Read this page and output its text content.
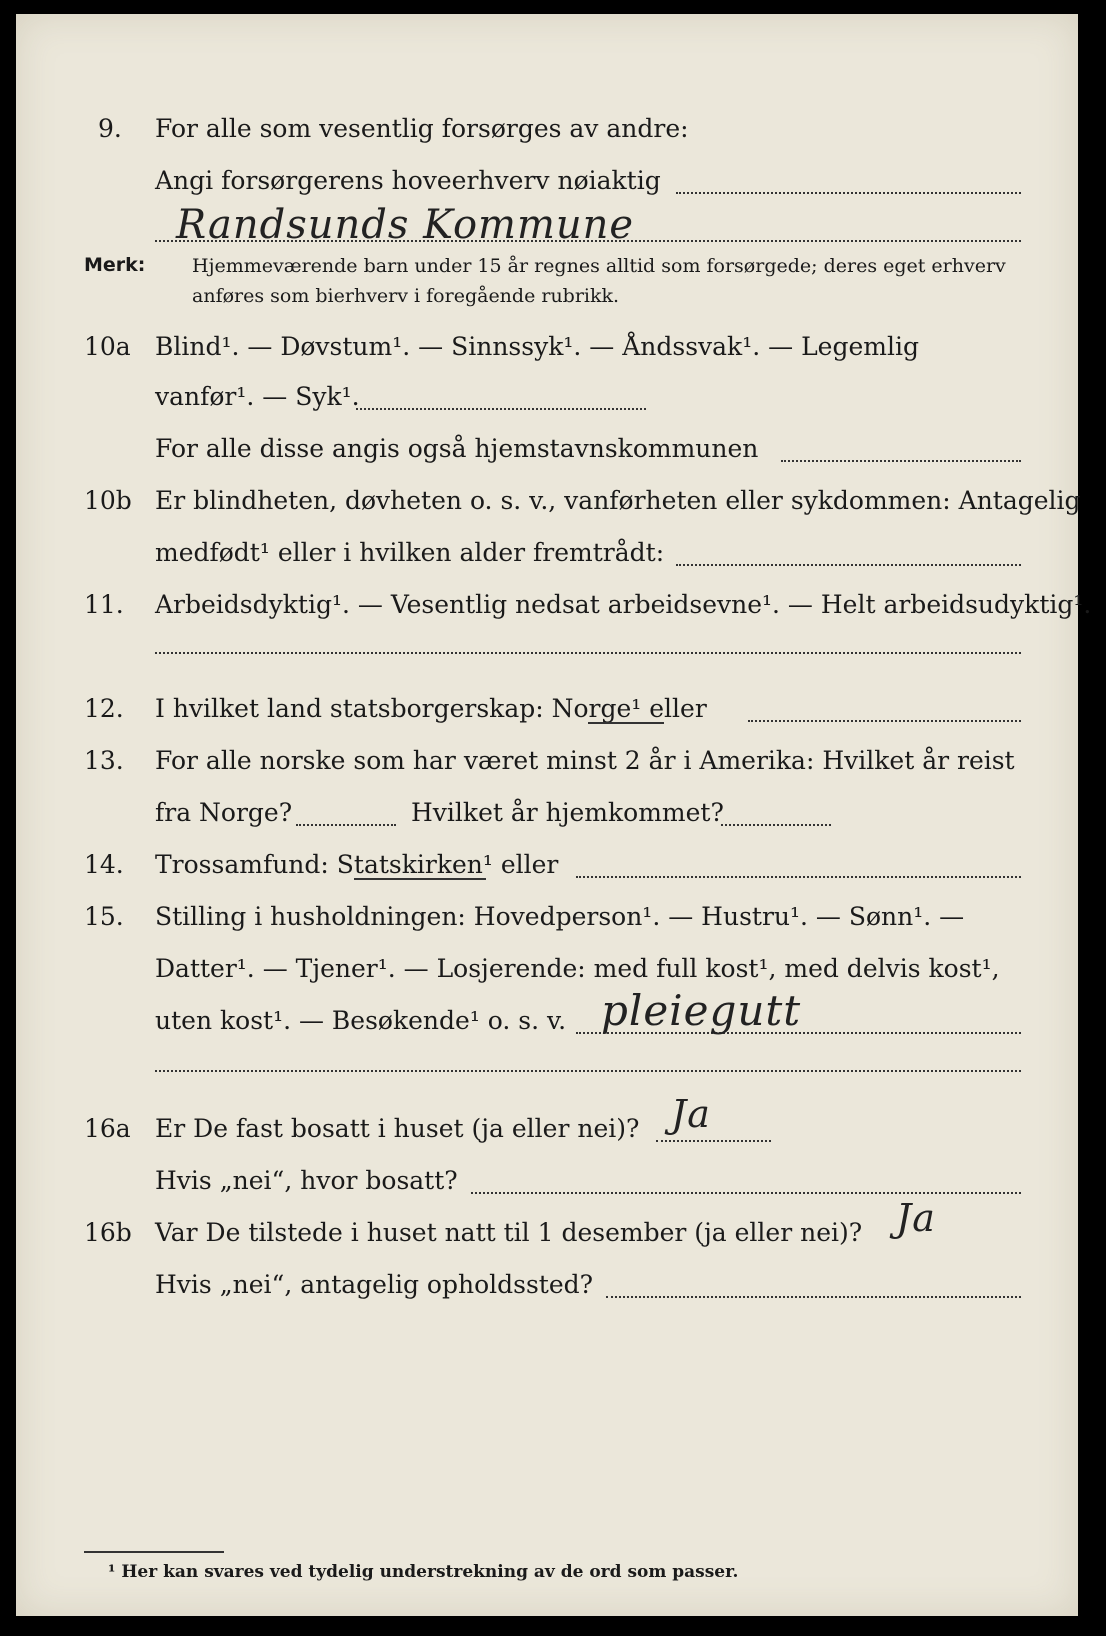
9. For alle som vesentlig forsørges av andre:
Angi forsørgerens hoveerhverv nøiaktig
Randsunds Kommune
Merk: Hjemmeværende barn under 15 år regnes alltid som forsørgede; deres eget erhverv
anføres som bierhverv i foregående rubrikk.
10a Blind¹. — Døvstum¹. — Sinnssyk¹. — Åndssvak¹. — Legemlig
vanfør¹. — Syk¹.
For alle disse angis også hjemstavnskommunen
10b Er blindheten, døvheten o. s. v., vanførheten eller sykdommen: Antagelig
medfødt¹ eller i hvilken alder fremtrådt:
11. Arbeidsdyktig¹. — Vesentlig nedsat arbeidsevne¹. — Helt arbeidsudyktig¹.
12. I hvilket land statsborgerskap: Norge¹ eller
13. For alle norske som har været minst 2 år i Amerika: Hvilket år reist
fra Norge?	Hvilket år hjemkommet?
14. Trossamfund: Statskirken¹ eller
15. Stilling i husholdningen: Hovedperson¹. — Hustru¹. — Sønn¹. —
Datter¹. — Tjener¹. — Losjerende: med full kost¹, med delvis kost¹,
uten kost¹. — Besøkende¹ o. s. v. pleiegutt
16a Er De fast bosatt i huset (ja eller nei)? Ja
Hvis „nei“, hvor bosatt?
16b Var De tilstede i huset natt til 1 desember (ja eller nei)? Ja
Hvis „nei“, antagelig opholdssted?
¹ Her kan svares ved tydelig understrekning av de ord som passer.
